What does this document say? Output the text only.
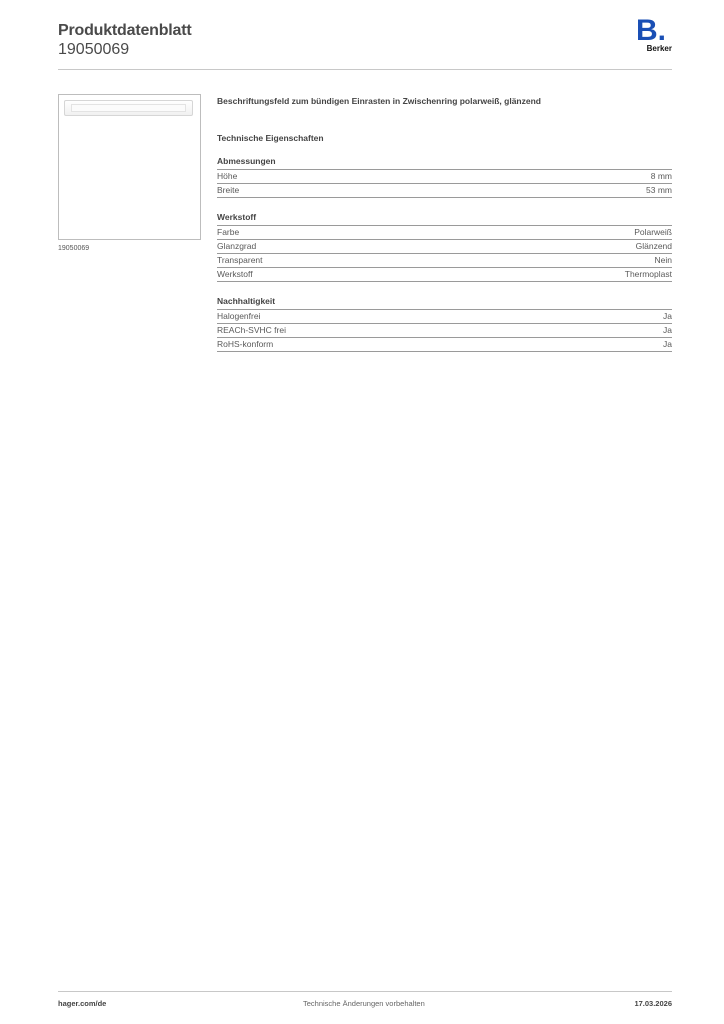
Produktdatenblatt
19050069
B.
Berker
19050069
Beschriftungsfeld zum bündigen Einrasten in Zwischenring polarweiß, glänzend
Technische Eigenschaften
Abmessungen
Höhe	8 mm
Breite	53 mm
Werkstoff
Farbe	Polarweiß
Glanzgrad	Glänzend
Transparent	Nein
Werkstoff	Thermoplast
Nachhaltigkeit
Halogenfrei	Ja
REACh-SVHC frei	Ja
RoHS-konform	Ja
hager.com/de	Technische Änderungen vorbehalten	17.03.2026
